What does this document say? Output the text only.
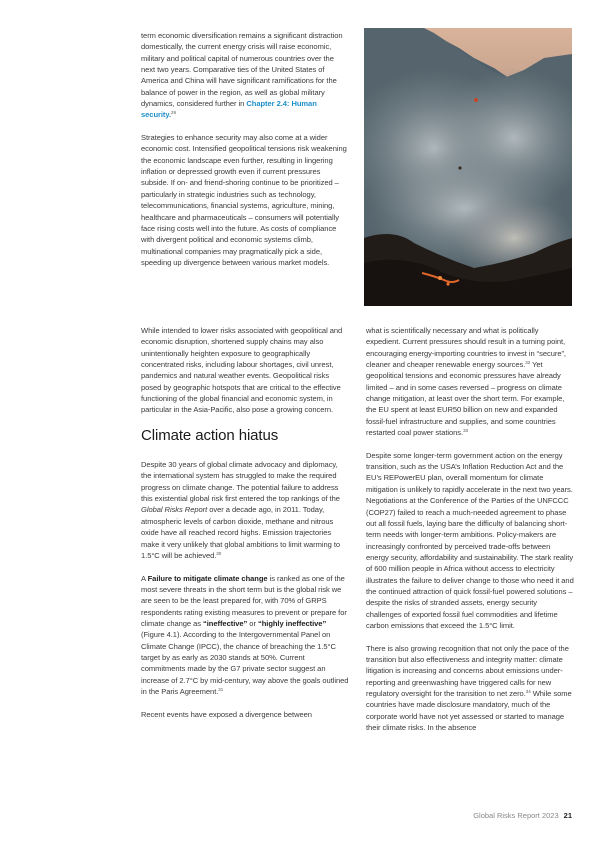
term economic diversification remains a significant distraction domestically, the current energy crisis will raise economic, military and political capital of numerous countries over the next two years. Comparative ties of the United States of America and China will have significant ramifications for the balance of power in the region, as well as global military dynamics, considered further in Chapter 2.4: Human security.$^{29}$

Strategies to enhance security may also come at a wider economic cost. Intensified geopolitical tensions risk weakening the economic landscape even further, resulting in lingering inflation or depressed growth even if current pressures subside. If on- and friend-shoring continue to be prioritized – particularly in strategic industries such as technology, telecommunications, financial systems, agriculture, mining, healthcare and pharmaceuticals – consumers will potentially face rising costs well into the future. As costs of compliance with divergent political and economic systems climb, multinational companies may pragmatically pick a side, speeding up divergence between various market models.

While intended to lower risks associated with geopolitical and economic disruption, shortened supply chains may also unintentionally heighten exposure to geographically concentrated risks, including labour shortages, civil unrest, pandemics and natural weather events. Geopolitical risks posed by geographic hotspots that are critical to the effective functioning of the global financial and economic system, in particular in the Asia-Pacific, also pose a growing concern.

Climate action hiatus

Despite 30 years of global climate advocacy and diplomacy, the international system has struggled to make the required progress on climate change. The potential failure to address this existential global risk first entered the top rankings of the Global Risks Report over a decade ago, in 2011. Today, atmospheric levels of carbon dioxide, methane and nitrous oxide have all reached record highs. Emission trajectories make it very unlikely that global ambitions to limit warming to 1.5°C will be achieved.$^{30}$

A Failure to mitigate climate change is ranked as one of the most severe threats in the short term but is the global risk we are seen to be the least prepared for, with 70% of GRPS respondents rating existing measures to prevent or prepare for climate change as “ineffective” or “highly ineffective” (Figure 4.1). According to the Intergovernmental Panel on Climate Change (IPCC), the chance of breaching the 1.5°C target by as early as 2030 stands at 50%. Current commitments made by the G7 private sector suggest an increase of 2.7°C by mid-century, way above the goals outlined in the Paris Agreement.$^{31}$

Recent events have exposed a divergence between

what is scientifically necessary and what is politically expedient. Current pressures should result in a turning point, encouraging energy-importing countries to invest in “secure”, cleaner and cheaper renewable energy sources.$^{32}$ Yet geopolitical tensions and economic pressures have already limited – and in some cases reversed – progress on climate change mitigation, at least over the short term. For example, the EU spent at least EUR50 billion on new and expanded fossil-fuel infrastructure and supplies, and some countries restarted coal power stations.$^{33}$

Despite some longer-term government action on the energy transition, such as the USA’s Inflation Reduction Act and the EU’s REPowerEU plan, overall momentum for climate mitigation is unlikely to rapidly accelerate in the next two years. Negotiations at the Conference of the Parties of the UNFCCC (COP27) failed to reach a much-needed agreement to phase out all fossil fuels, laying bare the difficulty of balancing short-term needs with longer-term ambitions. Policy-makers are increasingly confronted by perceived trade-offs between energy security, affordability and sustainability. The stark reality of 600 million people in Africa without access to electricity illustrates the failure to deliver change to those who need it and the continued attraction of quick fossil-fuel powered solutions – despite the risks of stranded assets, energy security challenges of exported fossil fuel commodities and lifetime carbon emissions that exceed the 1.5°C limit.

There is also growing recognition that not only the pace of the transition but also effectiveness and integrity matter: climate litigation is increasing and concerns about emissions under-reporting and greenwashing have triggered calls for new regulatory oversight for the transition to net zero.$^{34}$ While some countries have made disclosure mandatory, much of the corporate world have not yet assessed or started to manage their climate risks. In the absence

Global Risks Report 2023 21
